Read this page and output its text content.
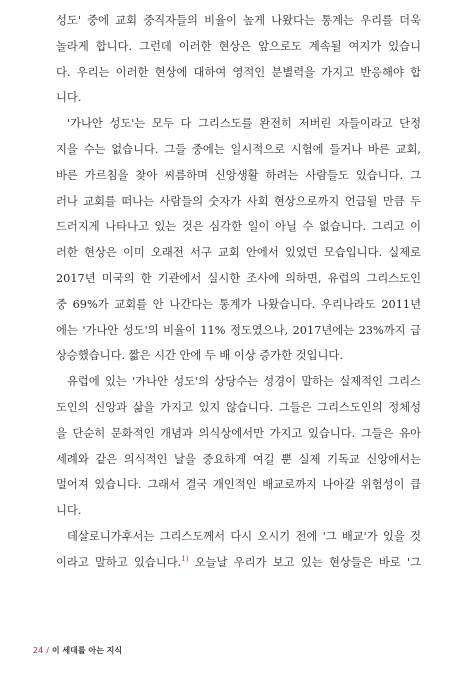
성도' 중에 교회 중직자들의 비율이 높게 나왔다는 통계는 우리를 더욱
놀라게 합니다. 그런데 이러한 현상은 앞으로도 계속될 여지가 있습니
다. 우리는 이러한 현상에 대하여 영적인 분별력을 가지고 반응해야 합
니다.
'가나안 성도'는 모두 다 그리스도를 완전히 저버린 자들이라고 단정
지을 수는 없습니다. 그들 중에는 일시적으로 시험에 들거나 바른 교회,
바른 가르침을 찾아 씨름하며 신앙생활 하려는 사람들도 있습니다. 그
러나 교회를 떠나는 사람들의 숫자가 사회 현상으로까지 언급될 만큼 두
드러지게 나타나고 있는 것은 심각한 일이 아닐 수 없습니다. 그리고 이
러한 현상은 이미 오래전 서구 교회 안에서 있었던 모습입니다. 실제로
2017년 미국의 한 기관에서 실시한 조사에 의하면, 유럽의 그리스도인
중 69%가 교회를 안 나간다는 통계가 나왔습니다. 우리나라도 2011년
에는 '가나안 성도'의 비율이 11% 정도였으나, 2017년에는 23%까지 급
상승했습니다. 짧은 시간 안에 두 배 이상 증가한 것입니다.
유럽에 있는 '가나안 성도'의 상당수는 성경이 말하는 실제적인 그리스
도인의 신앙과 삶을 가지고 있지 않습니다. 그들은 그리스도인의 정체성
을 단순히 문화적인 개념과 의식상에서만 가지고 있습니다. 그들은 유아
세례와 같은 의식적인 날을 중요하게 여길 뿐 실제 기독교 신앙에서는
멀어져 있습니다. 그래서 결국 개인적인 배교로까지 나아갈 위험성이 큽
니다.
데살로니가후서는 그리스도께서 다시 오시기 전에 '그 배교'가 있을 것
이라고 말하고 있습니다.$^{1)}$ 오늘날 우리가 보고 있는 현상들은 바로 '그
24 / 이 세대를 아는 지식
